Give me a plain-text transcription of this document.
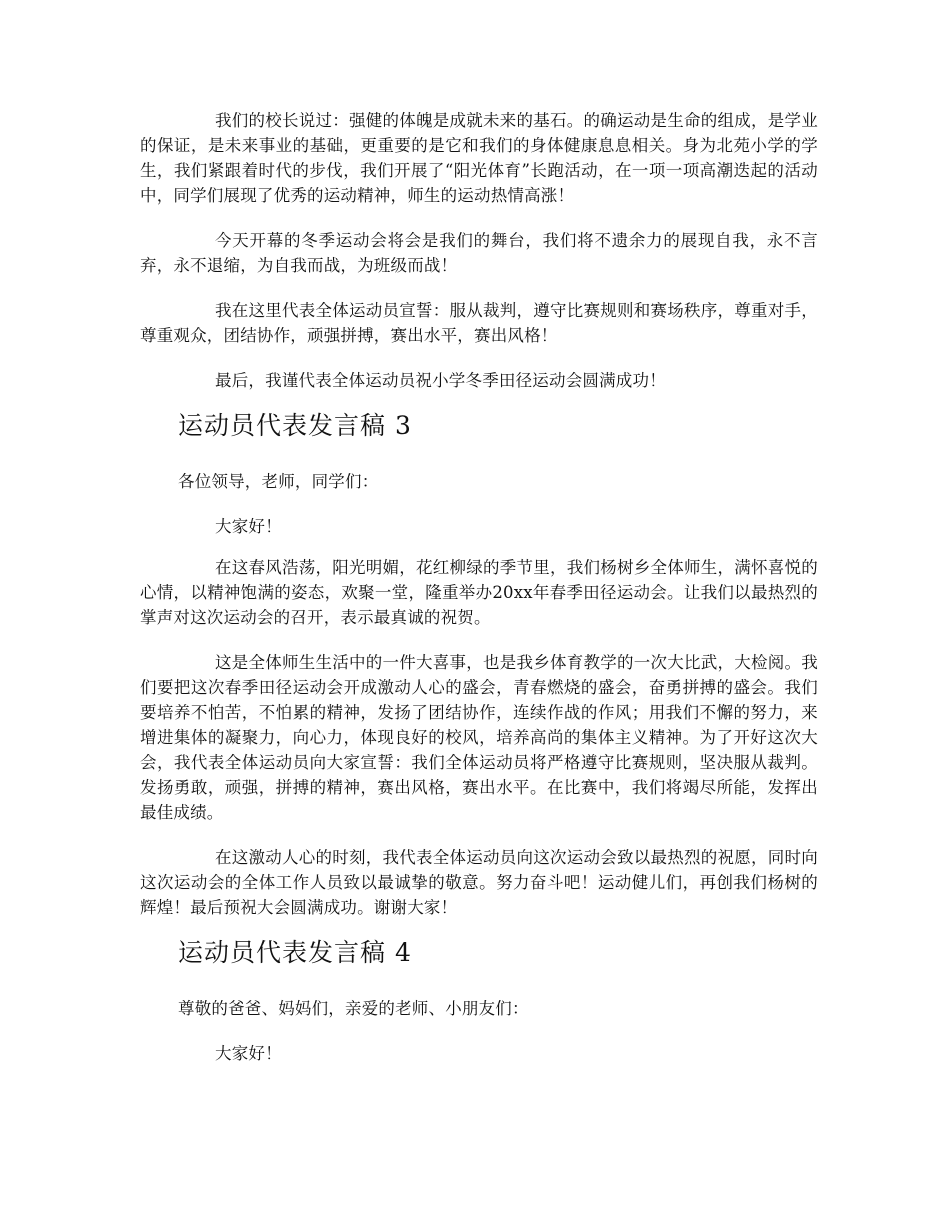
我们的校长说过：强健的体魄是成就未来的基石。的确运动是生命的组成，是学业的保证，是未来事业的基础，更重要的是它和我们的身体健康息息相关。身为北苑小学的学生，我们紧跟着时代的步伐，我们开展了“阳光体育”长跑活动，在一项一项高潮迭起的活动中，同学们展现了优秀的运动精神，师生的运动热情高涨！

今天开幕的冬季运动会将会是我们的舞台，我们将不遗余力的展现自我，永不言弃，永不退缩，为自我而战，为班级而战！

我在这里代表全体运动员宣誓：服从裁判，遵守比赛规则和赛场秩序，尊重对手，尊重观众，团结协作，顽强拼搏，赛出水平，赛出风格！

最后，我谨代表全体运动员祝小学冬季田径运动会圆满成功！

运动员代表发言稿 3

各位领导，老师，同学们：

大家好！

在这春风浩荡，阳光明媚，花红柳绿的季节里，我们杨树乡全体师生，满怀喜悦的心情，以精神饱满的姿态，欢聚一堂，隆重举办20xx年春季田径运动会。让我们以最热烈的掌声对这次运动会的召开，表示最真诚的祝贺。

这是全体师生生活中的一件大喜事，也是我乡体育教学的一次大比武，大检阅。我们要把这次春季田径运动会开成激动人心的盛会，青春燃烧的盛会，奋勇拼搏的盛会。我们要培养不怕苦，不怕累的精神，发扬了团结协作，连续作战的作风；用我们不懈的努力，来增进集体的凝聚力，向心力，体现良好的校风，培养高尚的集体主义精神。为了开好这次大会，我代表全体运动员向大家宣誓：我们全体运动员将严格遵守比赛规则，坚决服从裁判。发扬勇敢，顽强，拼搏的精神，赛出风格，赛出水平。在比赛中，我们将竭尽所能，发挥出最佳成绩。

在这激动人心的时刻，我代表全体运动员向这次运动会致以最热烈的祝愿，同时向这次运动会的全体工作人员致以最诚挚的敬意。努力奋斗吧！运动健儿们，再创我们杨树的辉煌！最后预祝大会圆满成功。谢谢大家！

运动员代表发言稿 4

尊敬的爸爸、妈妈们，亲爱的老师、小朋友们：

大家好！
